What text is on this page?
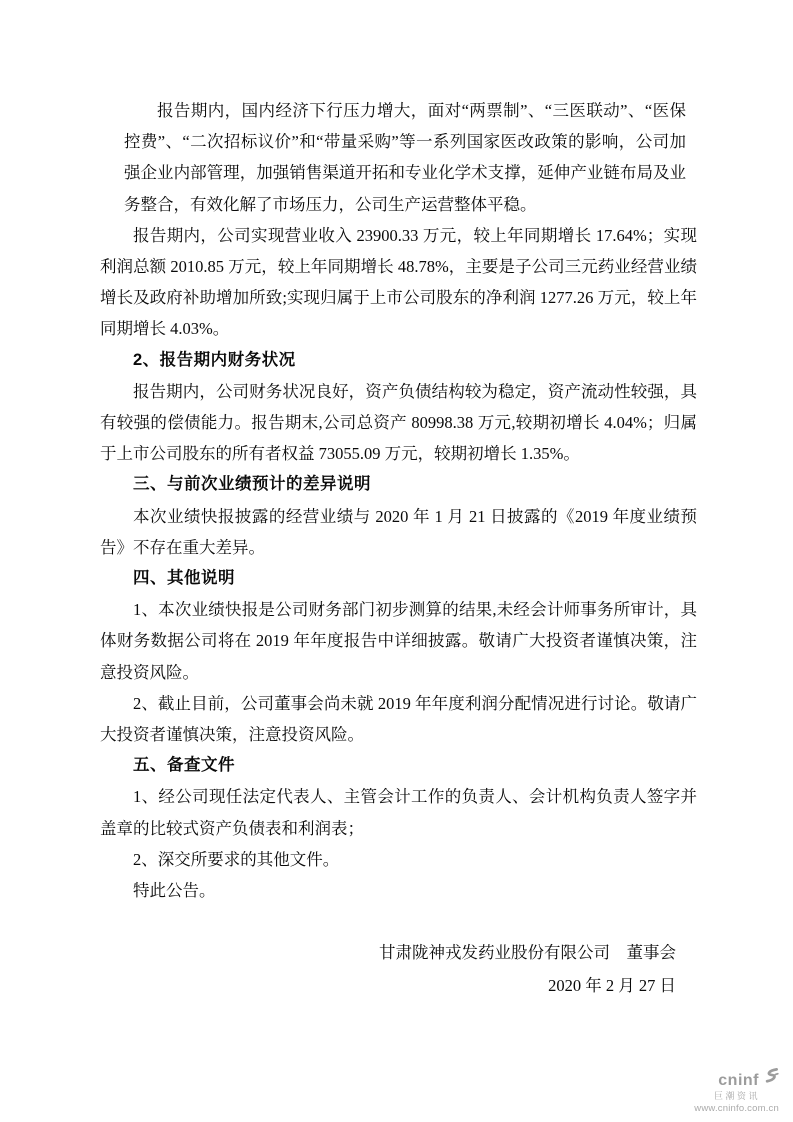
报告期内，国内经济下行压力增大，面对“两票制”、“三医联动”、“医保控费”、“二次招标议价”和“带量采购”等一系列国家医改政策的影响，公司加强企业内部管理，加强销售渠道开拓和专业化学术支撑，延伸产业链布局及业务整合，有效化解了市场压力，公司生产运营整体平稳。

报告期内，公司实现营业收入 23900.33 万元，较上年同期增长 17.64%；实现利润总额 2010.85 万元，较上年同期增长 48.78%，主要是子公司三元药业经营业绩增长及政府补助增加所致;实现归属于上市公司股东的净利润 1277.26 万元，较上年同期增长 4.03%。

2、报告期内财务状况

报告期内，公司财务状况良好，资产负债结构较为稳定，资产流动性较强，具有较强的偿债能力。报告期末,公司总资产 80998.38 万元,较期初增长 4.04%；归属于上市公司股东的所有者权益 73055.09 万元，较期初增长 1.35%。

三、与前次业绩预计的差异说明

本次业绩快报披露的经营业绩与 2020 年 1 月 21 日披露的《2019 年度业绩预告》不存在重大差异。

四、其他说明

1、本次业绩快报是公司财务部门初步测算的结果,未经会计师事务所审计，具体财务数据公司将在 2019 年年度报告中详细披露。敬请广大投资者谨慎决策，注意投资风险。

2、截止目前，公司董事会尚未就 2019 年年度利润分配情况进行讨论。敬请广大投资者谨慎决策，注意投资风险。

五、备查文件

1、经公司现任法定代表人、主管会计工作的负责人、会计机构负责人签字并盖章的比较式资产负债表和利润表；

2、深交所要求的其他文件。

特此公告。

甘肃陇神戎发药业股份有限公司　董事会

2020 年 2 月 27 日

cninf
巨潮资讯
www.cninfo.com.cn
